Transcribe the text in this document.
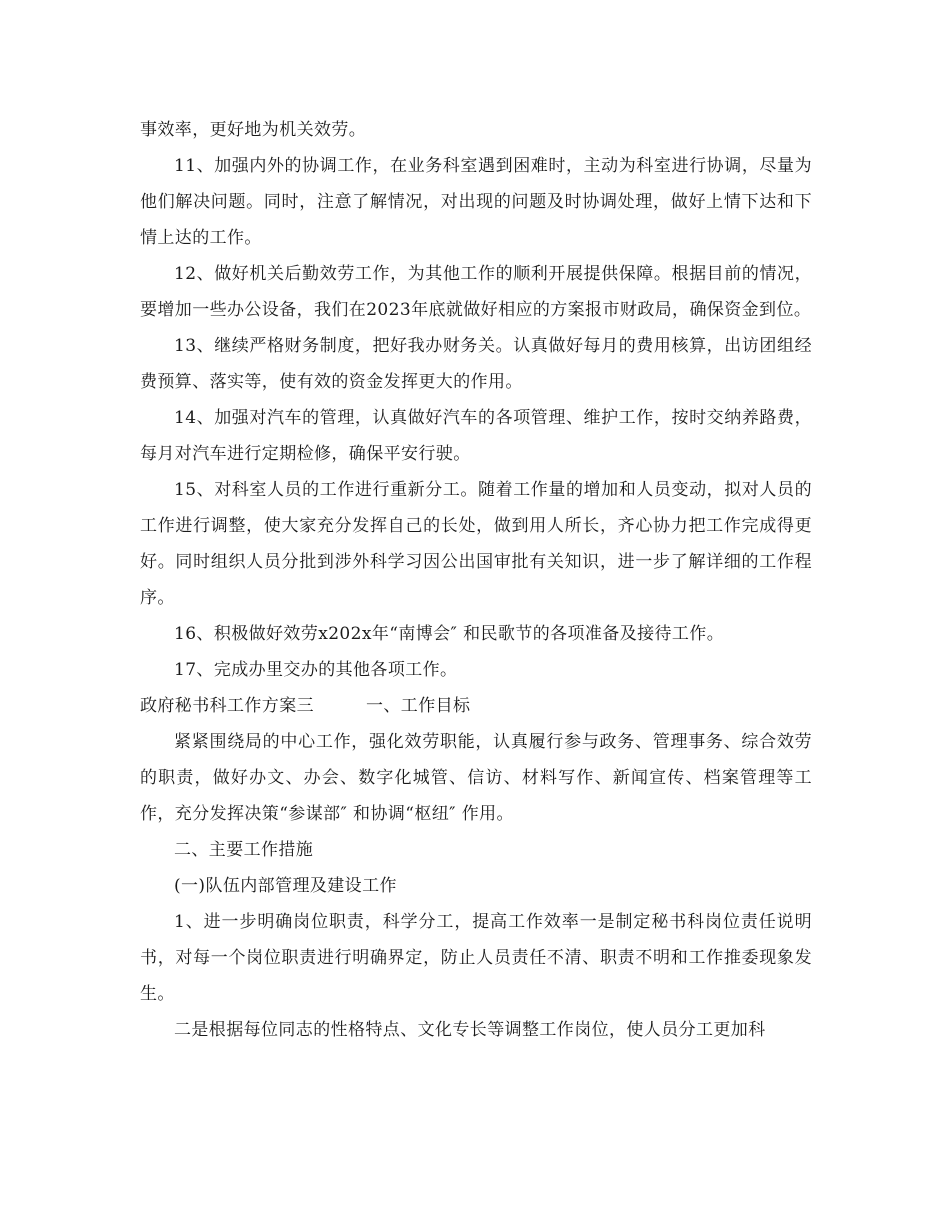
事效率，更好地为机关效劳。

11、加强内外的协调工作，在业务科室遇到困难时，主动为科室进行协调，尽量为他们解决问题。同时，注意了解情况，对出现的问题及时协调处理，做好上情下达和下情上达的工作。

12、做好机关后勤效劳工作，为其他工作的顺利开展提供保障。根据目前的情况，要增加一些办公设备，我们在2023年底就做好相应的方案报市财政局，确保资金到位。

13、继续严格财务制度，把好我办财务关。认真做好每月的费用核算，出访团组经费预算、落实等，使有效的资金发挥更大的作用。

14、加强对汽车的管理，认真做好汽车的各项管理、维护工作，按时交纳养路费，每月对汽车进行定期检修，确保平安行驶。

15、对科室人员的工作进行重新分工。随着工作量的增加和人员变动，拟对人员的工作进行调整，使大家充分发挥自己的长处，做到用人所长，齐心协力把工作完成得更好。同时组织人员分批到涉外科学习因公出国审批有关知识，进一步了解详细的工作程序。

16、积极做好效劳x202x年“南博会″ 和民歌节的各项准备及接待工作。

17、完成办里交办的其他各项工作。

政府秘书科工作方案三	一、工作目标

紧紧围绕局的中心工作，强化效劳职能，认真履行参与政务、管理事务、综合效劳的职责，做好办文、办会、数字化城管、信访、材料写作、新闻宣传、档案管理等工作，充分发挥决策“参谋部″ 和协调“枢纽″ 作用。

二、主要工作措施

(一)队伍内部管理及建设工作

1、进一步明确岗位职责，科学分工，提高工作效率一是制定秘书科岗位责任说明书，对每一个岗位职责进行明确界定，防止人员责任不清、职责不明和工作推委现象发生。

二是根据每位同志的性格特点、文化专长等调整工作岗位，使人员分工更加科
